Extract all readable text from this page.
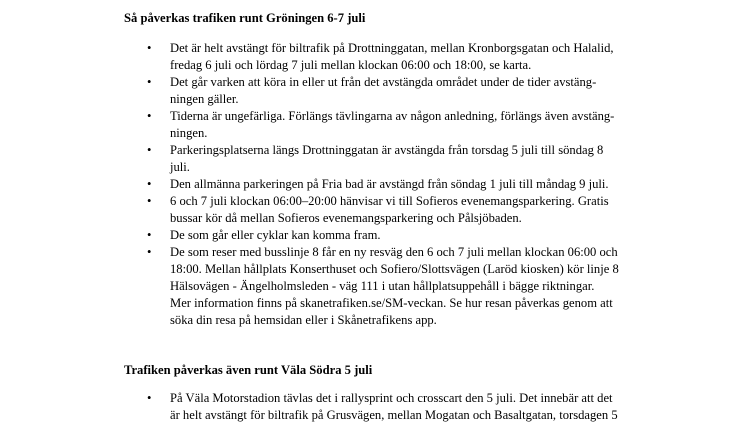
Så påverkas trafiken runt Gröningen 6-7 juli
• Det är helt avstängt för biltrafik på Drottninggatan, mellan Kronborgsgatan och Halalid,
fredag 6 juli och lördag 7 juli mellan klockan 06:00 och 18:00, se karta.
• Det går varken att köra in eller ut från det avstängda området under de tider avstäng-
ningen gäller.
• Tiderna är ungefärliga. Förlängs tävlingarna av någon anledning, förlängs även avstäng-
ningen.
• Parkeringsplatserna längs Drottninggatan är avstängda från torsdag 5 juli till söndag 8
juli.
• Den allmänna parkeringen på Fria bad är avstängd från söndag 1 juli till måndag 9 juli.
• 6 och 7 juli klockan 06:00–20:00 hänvisar vi till Sofieros evenemangsparkering. Gratis
bussar kör då mellan Sofieros evenemangsparkering och Pålsjöbaden.
• De som går eller cyklar kan komma fram.
• De som reser med busslinje 8 får en ny resväg den 6 och 7 juli mellan klockan 06:00 och
18:00. Mellan hållplats Konserthuset och Sofiero/Slottsvägen (Laröd kiosken) kör linje 8
Hälsovägen - Ängelholmsleden - väg 111 i utan hållplatsuppehåll i bägge riktningar.
Mer information finns på skanetrafiken.se/SM-veckan. Se hur resan påverkas genom att
söka din resa på hemsidan eller i Skånetrafikens app.
Trafiken påverkas även runt Väla Södra 5 juli
• På Väla Motorstadion tävlas det i rallysprint och crosscart den 5 juli. Det innebär att det
är helt avstängt för biltrafik på Grusvägen, mellan Mogatan och Basaltgatan, torsdagen 5
